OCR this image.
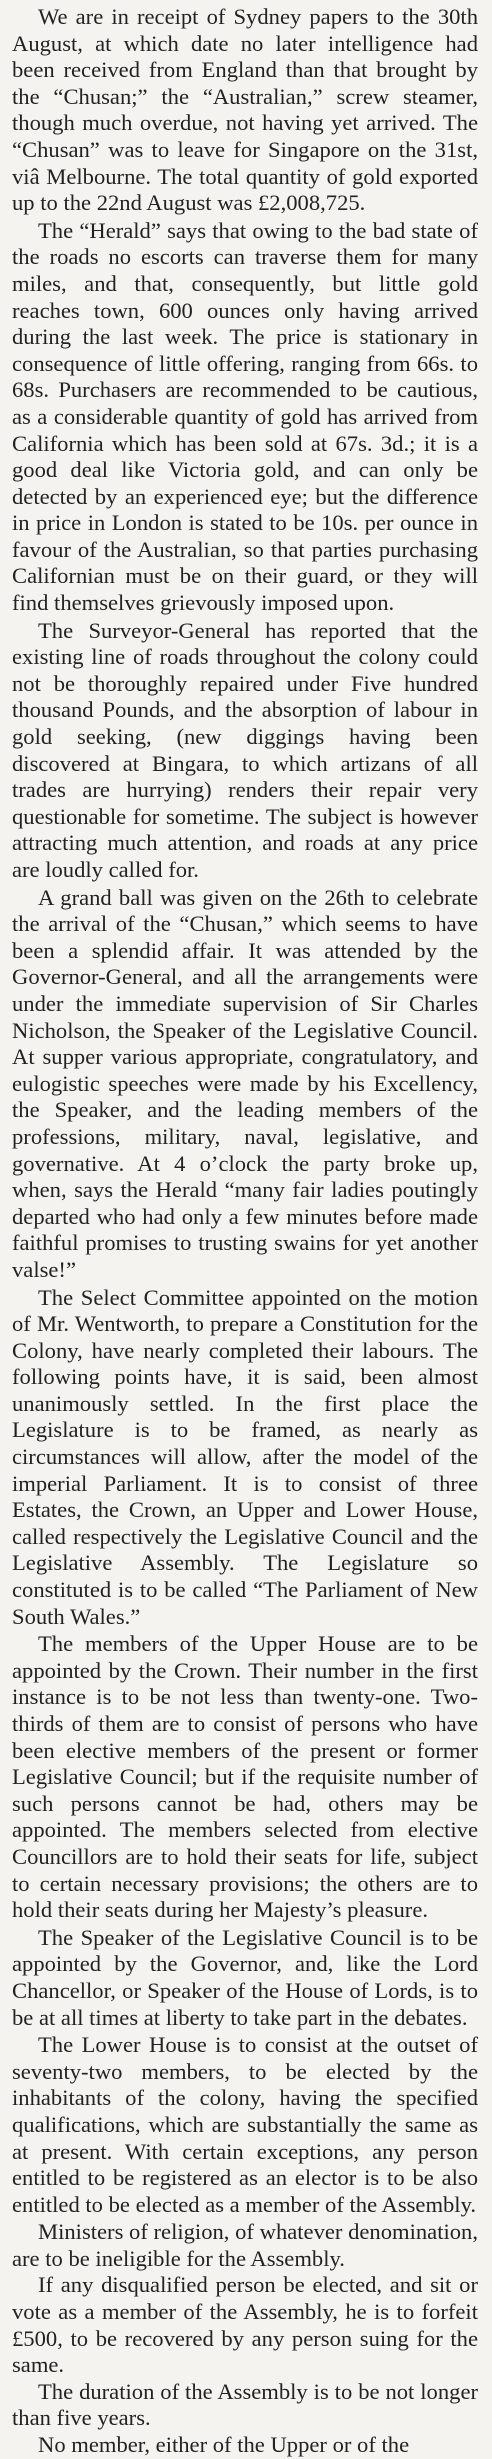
We are in receipt of Sydney papers to the 30th August, at which date no later intelligence had been received from England than that brought by the “Chusan;” the “Australian,” screw steamer, though much overdue, not having yet arrived. The “Chusan” was to leave for Singapore on the 31st, viâ Melbourne. The total quantity of gold exported up to the 22nd August was £2,008,725.

The “Herald” says that owing to the bad state of the roads no escorts can traverse them for many miles, and that, consequently, but little gold reaches town, 600 ounces only having arrived during the last week. The price is stationary in consequence of little offering, ranging from 66s. to 68s. Purchasers are recommended to be cautious, as a considerable quantity of gold has arrived from California which has been sold at 67s. 3d.; it is a good deal like Victoria gold, and can only be detected by an experienced eye; but the difference in price in London is stated to be 10s. per ounce in favour of the Australian, so that parties purchasing Californian must be on their guard, or they will find themselves grievously imposed upon.

The Surveyor-General has reported that the existing line of roads throughout the colony could not be thoroughly repaired under Five hundred thousand Pounds, and the absorption of labour in gold seeking, (new diggings having been discovered at Bingara, to which artizans of all trades are hurrying) renders their repair very questionable for sometime. The subject is however attracting much attention, and roads at any price are loudly called for.

A grand ball was given on the 26th to celebrate the arrival of the “Chusan,” which seems to have been a splendid affair. It was attended by the Governor-General, and all the arrangements were under the immediate supervision of Sir Charles Nicholson, the Speaker of the Legislative Council. At supper various appropriate, congratulatory, and eulogistic speeches were made by his Excellency, the Speaker, and the leading members of the professions, military, naval, legislative, and governative. At 4 o’clock the party broke up, when, says the Herald “many fair ladies poutingly departed who had only a few minutes before made faithful promises to trusting swains for yet another valse!”

The Select Committee appointed on the motion of Mr. Wentworth, to prepare a Constitution for the Colony, have nearly completed their labours. The following points have, it is said, been almost unanimously settled. In the first place the Legislature is to be framed, as nearly as circumstances will allow, after the model of the imperial Parliament. It is to consist of three Estates, the Crown, an Upper and Lower House, called respectively the Legislative Council and the Legislative Assembly. The Legislature so constituted is to be called “The Parliament of New South Wales.”

The members of the Upper House are to be appointed by the Crown. Their number in the first instance is to be not less than twenty-one. Two-thirds of them are to consist of persons who have been elective members of the present or former Legislative Council; but if the requisite number of such persons cannot be had, others may be appointed. The members selected from elective Councillors are to hold their seats for life, subject to certain necessary provisions; the others are to hold their seats during her Majesty’s pleasure.

The Speaker of the Legislative Council is to be appointed by the Governor, and, like the Lord Chancellor, or Speaker of the House of Lords, is to be at all times at liberty to take part in the debates.

The Lower House is to consist at the outset of seventy-two members, to be elected by the inhabitants of the colony, having the specified qualifications, which are substantially the same as at present. With certain exceptions, any person entitled to be registered as an elector is to be also entitled to be elected as a member of the Assembly.

Ministers of religion, of whatever denomination, are to be ineligible for the Assembly.

If any disqualified person be elected, and sit or vote as a member of the Assembly, he is to forfeit £500, to be recovered by any person suing for the same.

The duration of the Assembly is to be not longer than five years.

No member, either of the Upper or of the
